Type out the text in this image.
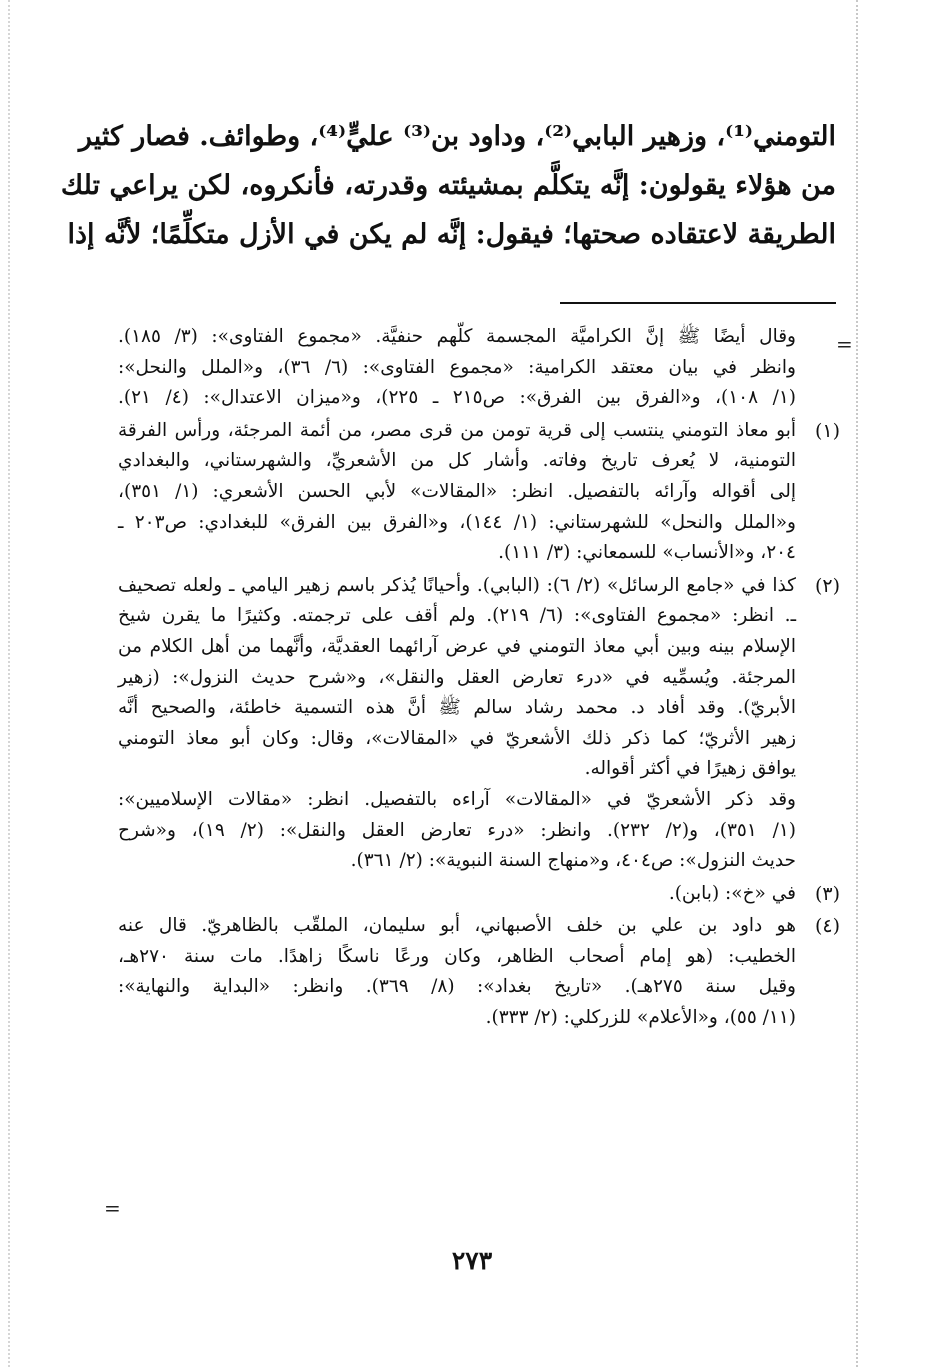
التومني⁽¹⁾، وزهير البابي⁽²⁾، وداود بن⁽³⁾ عليٍّ⁽⁴⁾، وطوائف. فصار كثير
من هؤلاء يقولون: إنَّه يتكلَّم بمشيئته وقدرته، فأنكروه، لكن يراعي تلك
الطريقة لاعتقاده صحتها؛ فيقول: إنَّه لم يكن في الأزل متكلِّمًا؛ لأنَّه إذا
=
وقال أيضًا ﷺ إنَّ الكراميَّة المجسمة كلّهم حنفيَّة. «مجموع الفتاوى»: (٣/ ١٨٥).
وانظر في بيان معتقد الكرامية: «مجموع الفتاوى»: (٦/ ٣٦)، و«الملل والنحل»:
(١/ ١٠٨)، و«الفرق بين الفرق»: ص٢١٥ ـ ٢٢٥)، و«ميزان الاعتدال»: (٤/ ٢١).
(١)
أبو معاذ التومني ينتسب إلى قرية تومن من قرى مصر، من أئمة المرجئة، ورأس الفرقة
التومنية، لا يُعرف تاريخ وفاته. وأشار كل من الأشعريِّ، والشهرستاني، والبغدادي
إلى أقواله وآرائه بالتفصيل. انظر: «المقالات» لأبي الحسن الأشعري: (١/ ٣٥١)،
و«الملل والنحل» للشهرستاني: (١/ ١٤٤)، و«الفرق بين الفرق» للبغدادي: ص٢٠٣ ـ
٢٠٤، و«الأنساب» للسمعاني: (٣/ ١١١).
(٢)
كذا في «جامع الرسائل» (٢/ ٦): (البابي). وأحيانًا يُذكر باسم زهير اليامي ـ ولعله تصحيف
ـ. انظر: «مجموع الفتاوى»: (٦/ ٢١٩). ولم أقف على ترجمته. وكثيرًا ما يقرن شيخ
الإسلام بينه وبين أبي معاذ التومني في عرض آرائهما العقديَّة، وأنَّهما من أهل الكلام من
المرجئة. ويُسمِّيه في «درء تعارض العقل والنقل»، و«شرح حديث النزول»: (زهير
الأبريّ). وقد أفاد د. محمد رشاد سالم ﷺ أنَّ هذه التسمية خاطئة، والصحيح أنَّه
زهير الأثريّ؛ كما ذكر ذلك الأشعريّ في «المقالات»، وقال: وكان أبو معاذ التومني
يوافق زهيرًا في أكثر أقواله.
وقد ذكر الأشعريّ في «المقالات» آراءه بالتفصيل. انظر: «مقالات الإسلاميين»:
(١/ ٣٥١)، و(٢/ ٢٣٢). وانظر: «درء تعارض العقل والنقل»: (٢/ ١٩)، و«شرح
حديث النزول»: ص٤٠٤، و«منهاج السنة النبوية»: (٢/ ٣٦١).
(٣)
في «خ»: (بابن).
(٤)
هو داود بن علي بن خلف الأصبهاني، أبو سليمان، الملقّب بالظاهريّ. قال عنه
الخطيب: (هو إمام أصحاب الظاهر، وكان ورعًا ناسكًا زاهدًا. مات سنة ٢٧٠هـ،
وقيل سنة ٢٧٥هـ). «تاريخ بغداد»: (٨/ ٣٦٩). وانظر: «البداية والنهاية»:
(١١/ ٥٥)، و«الأعلام» للزركلي: (٢/ ٣٣٣).
=
٢٧٣
